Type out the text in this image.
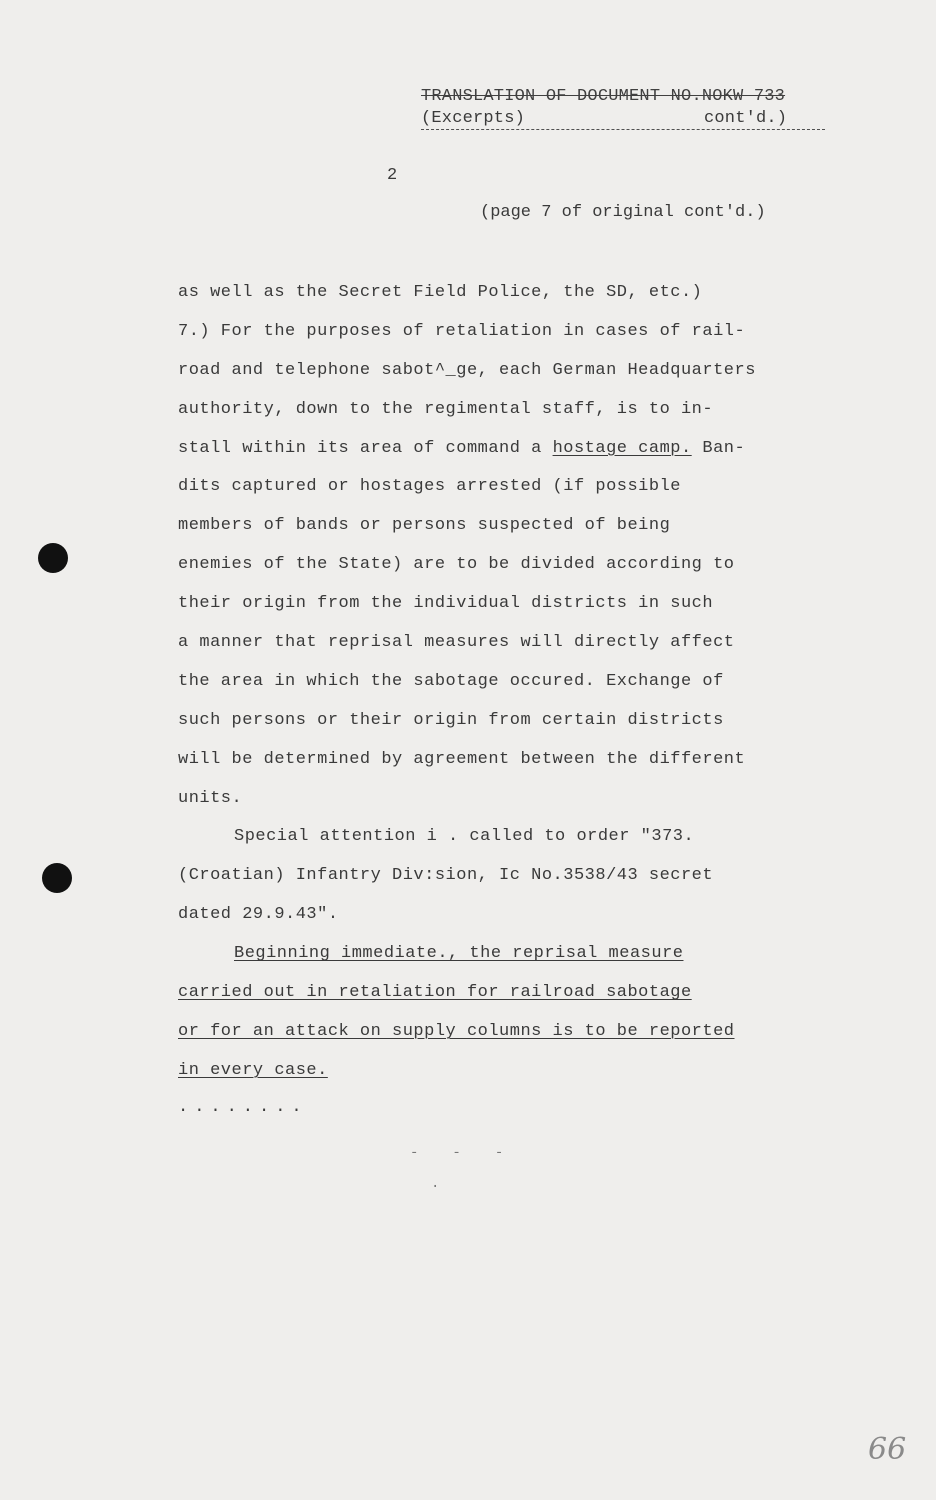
TRANSLATION OF DOCUMENT NO.NOKW 733
(Excerpts)	cont'd.)
2
(page 7 of original cont'd.)
as well as the Secret Field Police, the SD, etc.)
7.) For the purposes of retaliation in cases of rail-
road and telephone sabot^_ge, each German Headquarters
authority, down to the regimental staff, is to in-
stall within its area of command a hostage camp. Ban-
dits captured or hostages arrested (if possible
members of bands or persons suspected of being
enemies of the State) are to be divided according to
their origin from the individual districts in such
a manner that reprisal measures will directly affect
the area in which the sabotage occured. Exchange of
such persons or their origin from certain districts
will be determined by agreement between the different
units.
Special attention i . called to order "373.
(Croatian) Infantry Div:sion, Ic No.3538/43 secret
dated 29.9.43".
Beginning immediate., the reprisal measure
carried out in retaliation for railroad sabotage
or for an attack on supply columns is to be reported
in every case.
........
---
.
66
